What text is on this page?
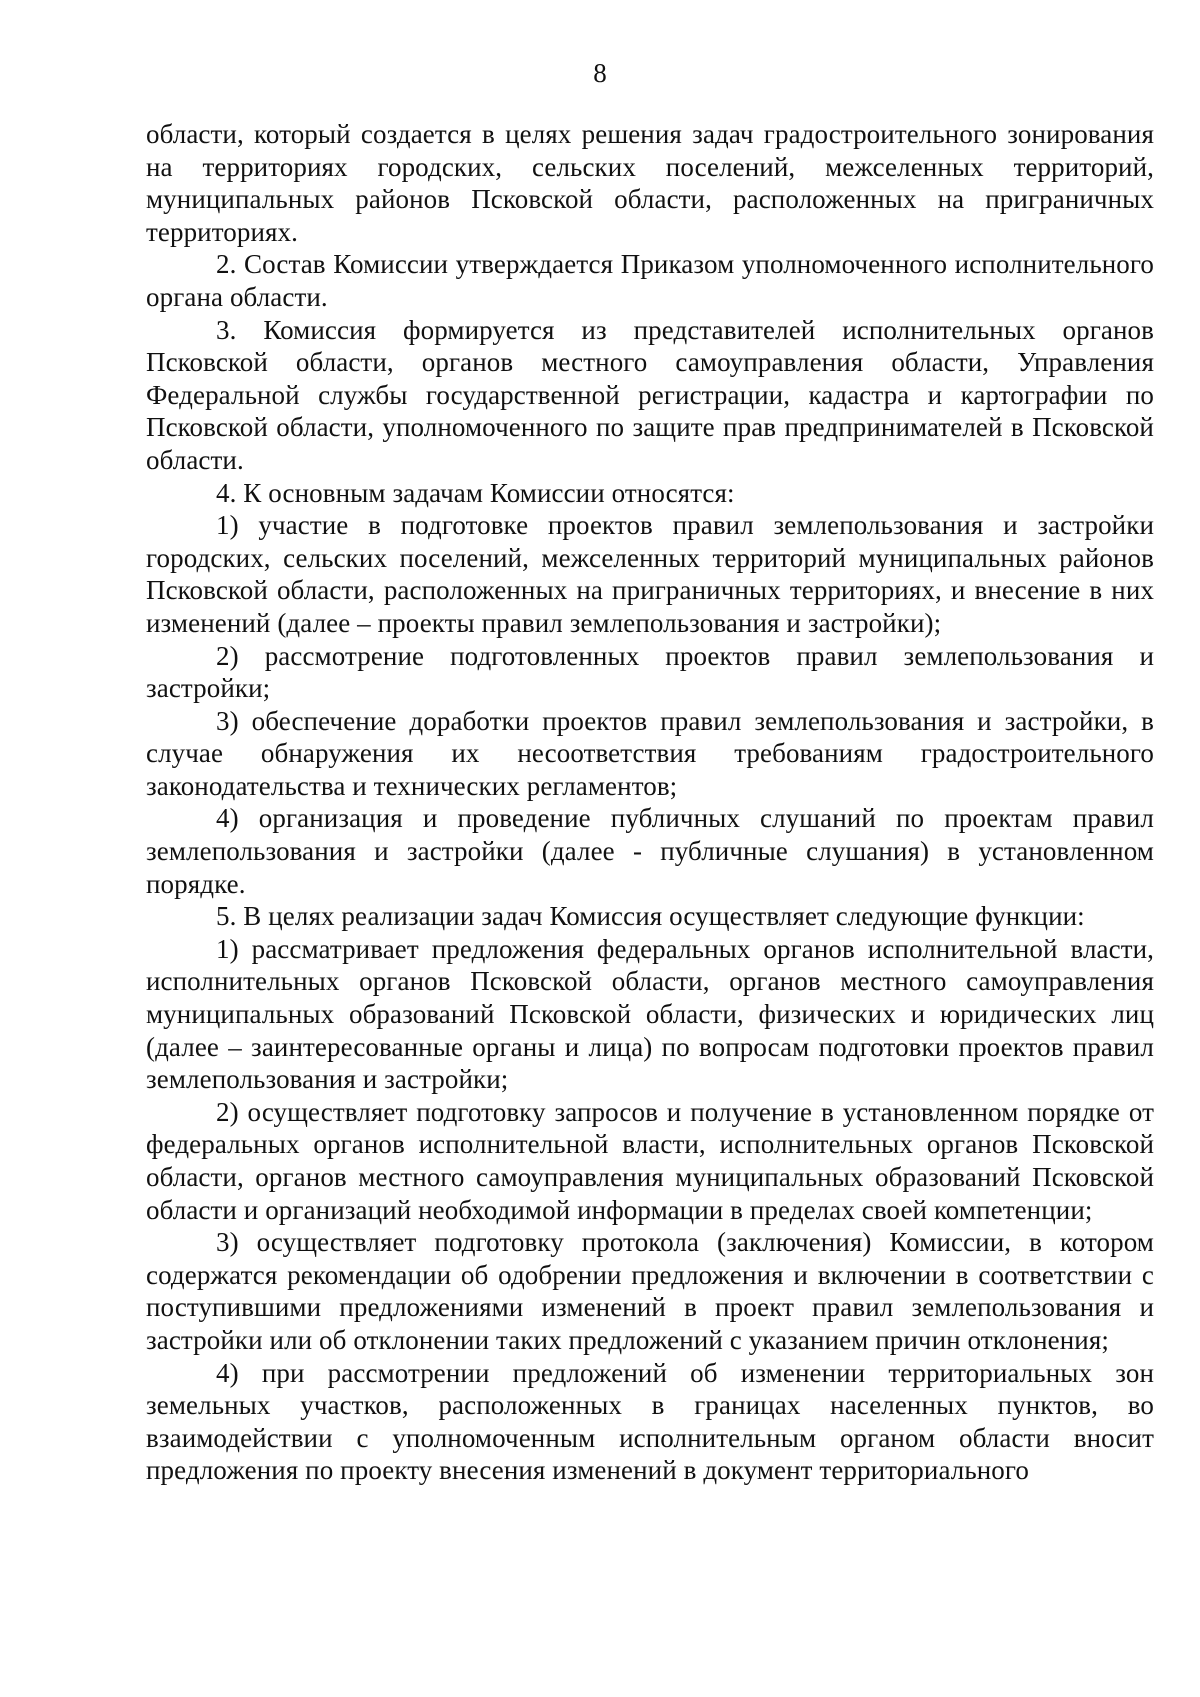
8

области, который создается в целях решения задач градостроительного зонирования на территориях городских, сельских поселений, межселенных территорий, муниципальных районов Псковской области, расположенных на приграничных территориях.

2. Состав Комиссии утверждается Приказом уполномоченного исполнительного органа области.

3. Комиссия формируется из представителей исполнительных органов Псковской области, органов местного самоуправления области, Управления Федеральной службы государственной регистрации, кадастра и картографии по Псковской области, уполномоченного по защите прав предпринимателей в Псковской области.

4. К основным задачам Комиссии относятся:

1) участие в подготовке проектов правил землепользования и застройки городских, сельских поселений, межселенных территорий муниципальных районов Псковской области, расположенных на приграничных территориях, и внесение в них изменений (далее – проекты правил землепользования и застройки);

2) рассмотрение подготовленных проектов правил землепользования и застройки;

3) обеспечение доработки проектов правил землепользования и застройки, в случае обнаружения их несоответствия требованиям градостроительного законодательства и технических регламентов;

4) организация и проведение публичных слушаний по проектам правил землепользования и застройки (далее - публичные слушания) в установленном порядке.

5. В целях реализации задач Комиссия осуществляет следующие функции:

1) рассматривает предложения федеральных органов исполнительной власти, исполнительных органов Псковской области, органов местного самоуправления муниципальных образований Псковской области, физических и юридических лиц (далее – заинтересованные органы и лица) по вопросам подготовки проектов правил землепользования и застройки;

2) осуществляет подготовку запросов и получение в установленном порядке от федеральных органов исполнительной власти, исполнительных органов Псковской области, органов местного самоуправления муниципальных образований Псковской области и организаций необходимой информации в пределах своей компетенции;

3) осуществляет подготовку протокола (заключения) Комиссии, в котором содержатся рекомендации об одобрении предложения и включении в соответствии с поступившими предложениями изменений в проект правил землепользования и застройки или об отклонении таких предложений с указанием причин отклонения;

4) при рассмотрении предложений об изменении территориальных зон земельных участков, расположенных в границах населенных пунктов, во взаимодействии с уполномоченным исполнительным органом области вносит предложения по проекту внесения изменений в документ территориального
